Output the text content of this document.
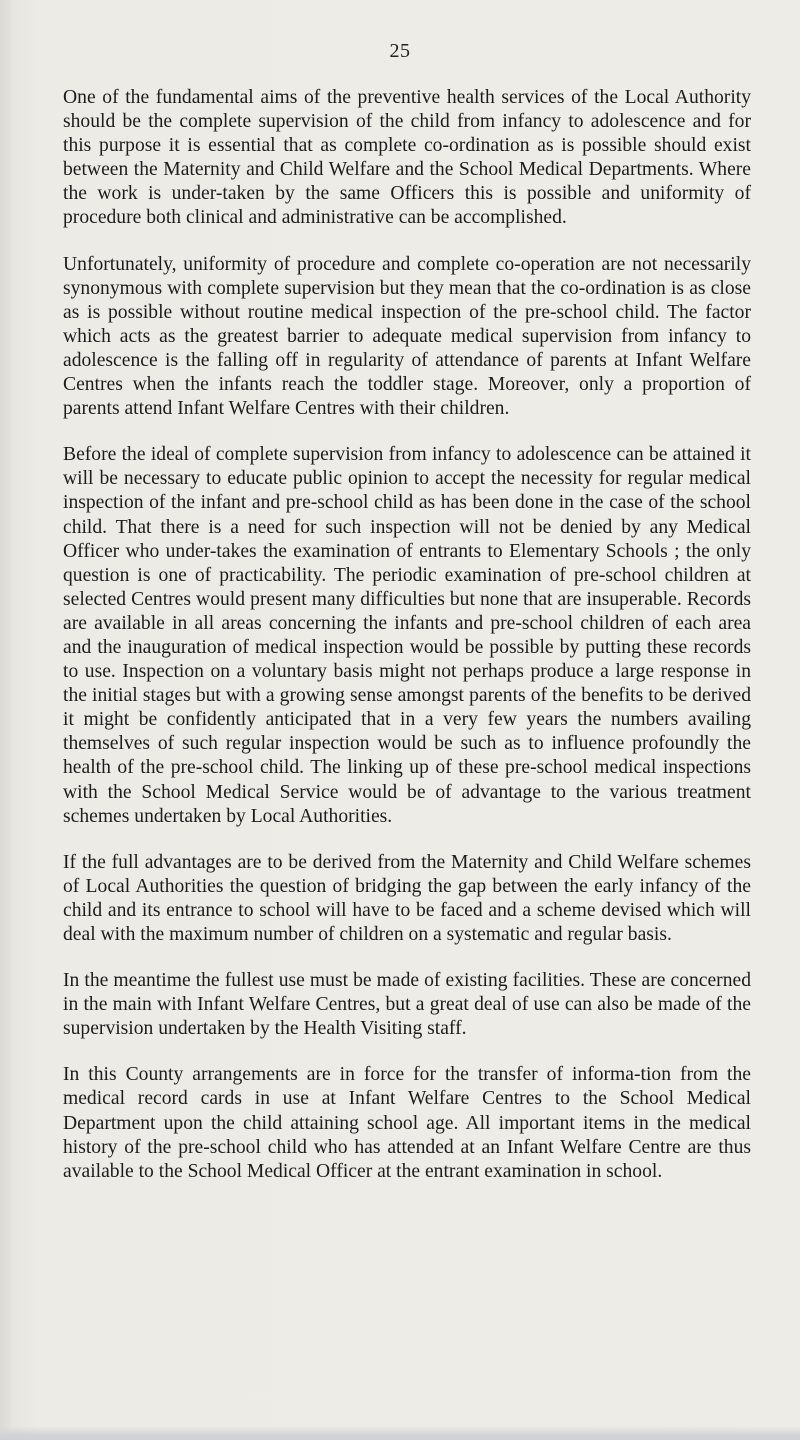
25

One of the fundamental aims of the preventive health services of the Local Authority should be the complete supervision of the child from infancy to adolescence and for this purpose it is essential that as complete co-ordination as is possible should exist between the Maternity and Child Welfare and the School Medical Departments. Where the work is under-taken by the same Officers this is possible and uniformity of procedure both clinical and administrative can be accomplished.

Unfortunately, uniformity of procedure and complete co-operation are not necessarily synonymous with complete supervision but they mean that the co-ordination is as close as is possible without routine medical inspection of the pre-school child. The factor which acts as the greatest barrier to adequate medical supervision from infancy to adolescence is the falling off in regularity of attendance of parents at Infant Welfare Centres when the infants reach the toddler stage. Moreover, only a proportion of parents attend Infant Welfare Centres with their children.

Before the ideal of complete supervision from infancy to adolescence can be attained it will be necessary to educate public opinion to accept the necessity for regular medical inspection of the infant and pre-school child as has been done in the case of the school child. That there is a need for such inspection will not be denied by any Medical Officer who under-takes the examination of entrants to Elementary Schools ; the only question is one of practicability. The periodic examination of pre-school children at selected Centres would present many difficulties but none that are insuperable. Records are available in all areas concerning the infants and pre-school children of each area and the inauguration of medical inspection would be possible by putting these records to use. Inspection on a voluntary basis might not perhaps produce a large response in the initial stages but with a growing sense amongst parents of the benefits to be derived it might be confidently anticipated that in a very few years the numbers availing themselves of such regular inspection would be such as to influence profoundly the health of the pre-school child. The linking up of these pre-school medical inspections with the School Medical Service would be of advantage to the various treatment schemes undertaken by Local Authorities.

If the full advantages are to be derived from the Maternity and Child Welfare schemes of Local Authorities the question of bridging the gap between the early infancy of the child and its entrance to school will have to be faced and a scheme devised which will deal with the maximum number of children on a systematic and regular basis.

In the meantime the fullest use must be made of existing facilities. These are concerned in the main with Infant Welfare Centres, but a great deal of use can also be made of the supervision undertaken by the Health Visiting staff.

In this County arrangements are in force for the transfer of informa-tion from the medical record cards in use at Infant Welfare Centres to the School Medical Department upon the child attaining school age. All important items in the medical history of the pre-school child who has attended at an Infant Welfare Centre are thus available to the School Medical Officer at the entrant examination in school.
